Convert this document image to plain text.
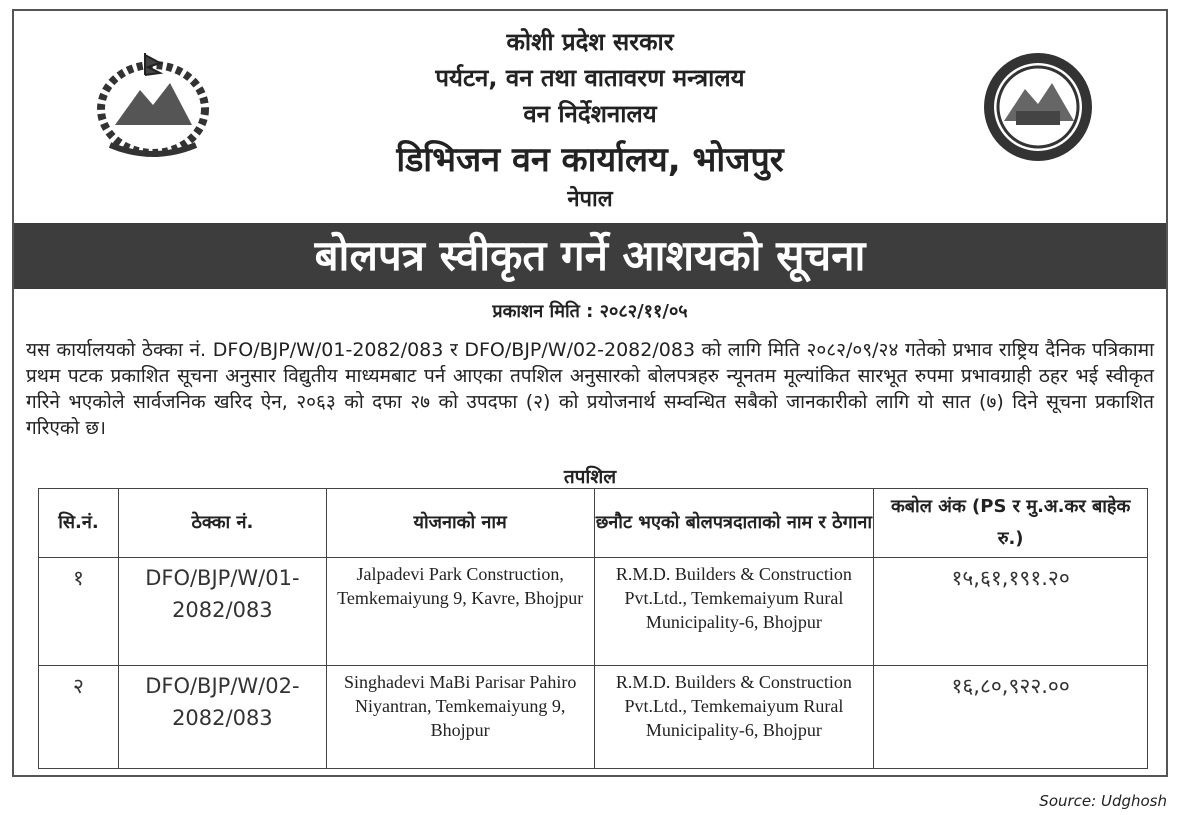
कोशी प्रदेश सरकार
पर्यटन, वन तथा वातावरण मन्त्रालय
वन निर्देशनालय
डिभिजन वन कार्यालय, भोजपुर
नेपाल
बोलपत्र स्वीकृत गर्ने आशयको सूचना
प्रकाशन मिति : २०८२/११/०५
यस कार्यालयको ठेक्का नं. DFO/BJP/W/01-2082/083 र DFO/BJP/W/02-2082/083 को लागि मिति २०८२/०९/२४ गतेको प्रभाव राष्ट्रिय दैनिक पत्रिकामा प्रथम पटक प्रकाशित सूचना अनुसार विद्युतीय माध्यमबाट पर्न आएका तपशिल अनुसारको बोलपत्रहरु न्यूनतम मूल्यांकित सारभूत रुपमा प्रभावग्राही ठहर भई स्वीकृत गरिने भएकोले सार्वजनिक खरिद ऐन, २०६३ को दफा २७ को उपदफा (२) को प्रयोजनार्थ सम्वन्धित सबैको जानकारीको लागि यो सात (७) दिने सूचना प्रकाशित गरिएको छ।
तपशिल
सि.नं.	ठेक्का नं.	योजनाको नाम	छनौट भएको बोलपत्रदाताको नाम र ठेगाना	कबोल अंक (PS र मु.अ.कर बाहेक रु.)
१	DFO/BJP/W/01-2082/083	Jalpadevi Park Construction, Temkemaiyung 9, Kavre, Bhojpur	R.M.D. Builders & Construction Pvt.Ltd., Temkemaiyum Rural Municipality-6, Bhojpur	१५,६१,१९१.२०
२	DFO/BJP/W/02-2082/083	Singhadevi MaBi Parisar Pahiro Niyantran, Temkemaiyung 9, Bhojpur	R.M.D. Builders & Construction Pvt.Ltd., Temkemaiyum Rural Municipality-6, Bhojpur	१६,८०,९२२.००
Source: Udghosh
